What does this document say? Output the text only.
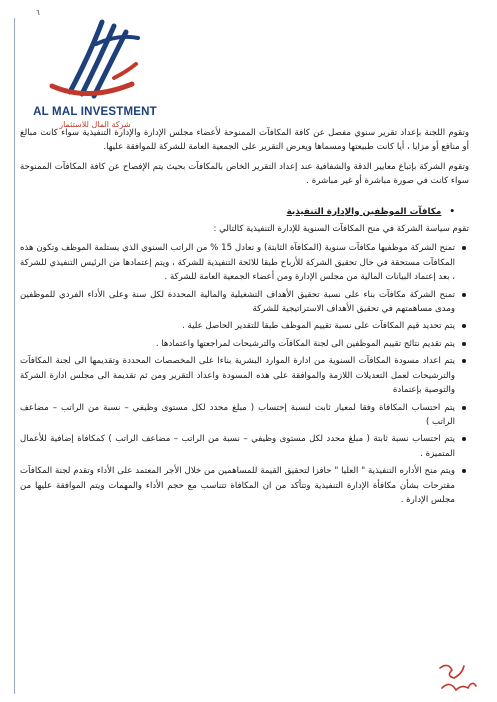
٦
AL MAL INVESTMENT
شركة المال للاستثمار

وتقوم اللجنة بإعداد تقرير سنوي مفصل عن كافة المكافآت الممنوحة لأعضاء مجلس الإدارة والإدارة التنفيذية سواء كانت مبالغ أو منافع أو مزايا ، أيا كانت طبيعتها ومسماها ويعرض التقرير على الجمعية العامة للشركة للموافقة عليها.

وتقوم الشركة بإتباع معايير الدقة والشفافية عند إعداد التقرير الخاص بالمكافآت بحيث يتم الإفصاح عن كافة المكافآت الممنوحة سواء كانت في صورة مباشرة أو غير مباشرة .

•مكافآت الموظفين والإدارة التنفيذية

تقوم سياسة الشركة في منح المكافآت السنوية للإدارة التنفيذية كالتالي :

تمنح الشركة موظفيها مكافآت سنوية (المكافآة الثابتة) و تعادل 15 % من الراتب السنوي الذي يستلمة الموظف وتكون هذه المكافآت مستحقة في حال تحقيق الشركة للأرباح طبقا للائحة التنفيذية للشركة ، ويتم إعتمادها من الرئيس التنفيذي للشركة ، بعد إعتماد البيانات المالية من مجلس الإدارة ومن أعضاء الجمعية العامة للشركة .
تمنح الشركة مكافآت بناء على نسبة تحقيق الأهداف التشغيلية والمالية المحددة لكل سنة وعلى الأداء الفردي للموظفين ومدى مساهمتهم في تحقيق الأهداف الاستراتيجية للشركة
يتم تحديد قيم المكافآت على نسبة تقييم الموظف طبقا للتقدير الحاصل علية .
يتم تقديم نتائج تقييم الموظفين الى لجنة المكافآت والترشيحات لمراجعتها واعتمادها .
يتم اعداد مسودة المكافآت السنوية من ادارة الموارد البشرية بناءا على المخصصات المحددة وتقديمها الى لجنة المكافآت والترشيحات لعمل التعديلات اللازمة والموافقة على هذه المسودة واعداد التقرير ومن ثم تقديمة الى مجلس ادارة الشركة والتوصية بإعتمادة
يتم احتساب المكافاة وفقا لمعيار ثابت لنسبة إحتساب ( مبلغ محدد لكل مستوى وظيفي – نسبة من الراتب – مضاعف الراتب )
يتم احتساب نسبة ثابتة ( مبلغ محدد لكل مستوى وظيفي – نسبة من الراتب – مضاعف الراتب ) كمكافاة إضافية للأعمال المتميزة .
ويتم منح الأداره التنفيذية " العليا " حافزا لتحقيق القيمة للمساهمين من خلال الأجر المعتمد على الأداء وتقدم لجنة المكافآت مقترحات بشأن مكافأة الإدارة التنفيذية وتتأكد من ان المكافاة تتناسب مع حجم الأداء والمهمات ويتم الموافقة عليها من مجلس الإدارة .
